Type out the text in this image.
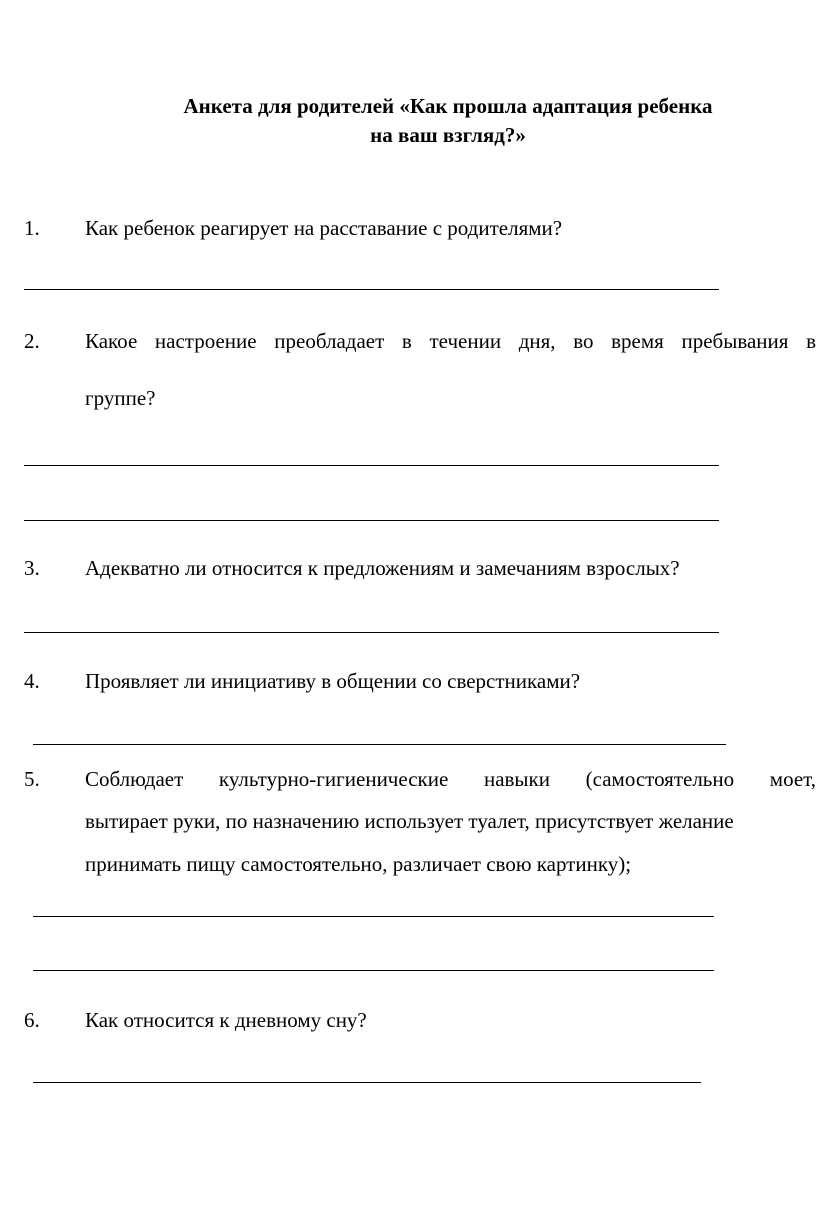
Анкета для родителей «Как прошла адаптация ребенка
на ваш взгляд?»
1. Как ребенок реагирует на расставание с родителями?
2. Какое настроение преобладает в течении дня, во время пребывания в
группе?
3. Адекватно ли относится к предложениям и замечаниям взрослых?
4. Проявляет ли инициативу в общении со сверстниками?
5. Соблюдает культурно-гигиенические навыки (самостоятельно моет,
вытирает руки, по назначению использует туалет, присутствует желание
принимать пищу самостоятельно, различает свою картинку);
6. Как относится к дневному сну?
